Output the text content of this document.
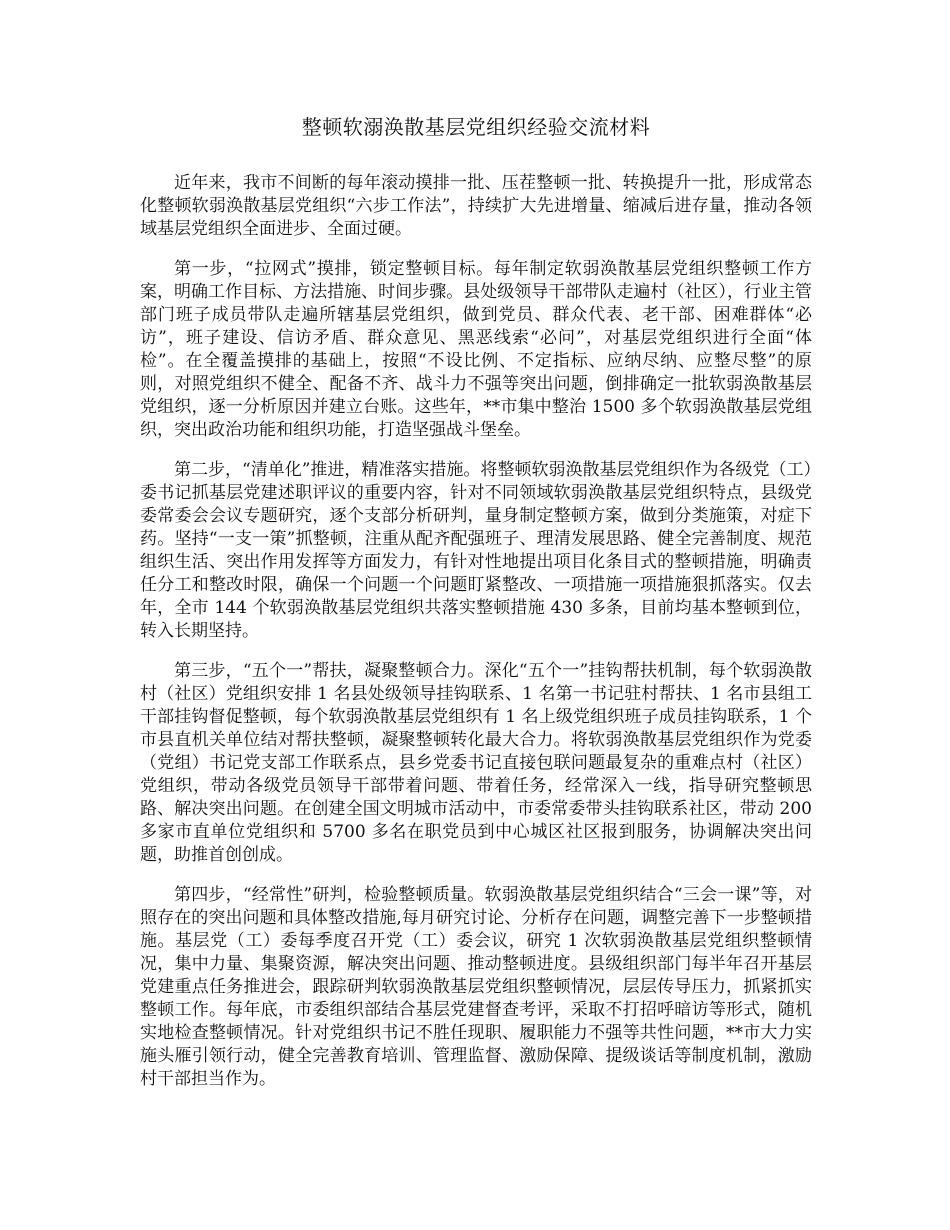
整顿软溺涣散基层党组织经验交流材料

近年来，我市不间断的每年滚动摸排一批、压茬整顿一批、转换提升一批，形成常态化整顿软弱涣散基层党组织“六步工作法”，持续扩大先进增量、缩减后进存量，推动各领域基层党组织全面进步、全面过硬。

第一步，“拉网式”摸排，锁定整顿目标。每年制定软弱涣散基层党组织整顿工作方案，明确工作目标、方法措施、时间步骤。县处级领导干部带队走遍村（社区），行业主管部门班子成员带队走遍所辖基层党组织，做到党员、群众代表、老干部、困难群体“必访”，班子建设、信访矛盾、群众意见、黑恶线索“必问”，对基层党组织进行全面“体检”。在全覆盖摸排的基础上，按照“不设比例、不定指标、应纳尽纳、应整尽整”的原则，对照党组织不健全、配备不齐、战斗力不强等突出问题，倒排确定一批软弱涣散基层党组织，逐一分析原因并建立台账。这些年，**市集中整治 1500 多个软弱涣散基层党组织，突出政治功能和组织功能，打造坚强战斗堡垒。

第二步，“清单化”推进，精准落实措施。将整顿软弱涣散基层党组织作为各级党（工）委书记抓基层党建述职评议的重要内容，针对不同领域软弱涣散基层党组织特点，县级党委常委会会议专题研究，逐个支部分析研判，量身制定整顿方案，做到分类施策，对症下药。坚持“一支一策”抓整顿，注重从配齐配强班子、理清发展思路、健全完善制度、规范组织生活、突出作用发挥等方面发力，有针对性地提出项目化条目式的整顿措施，明确责任分工和整改时限，确保一个问题一个问题盯紧整改、一项措施一项措施狠抓落实。仅去年，全市 144 个软弱涣散基层党组织共落实整顿措施 430 多条，目前均基本整顿到位，转入长期坚持。

第三步，“五个一”帮扶，凝聚整顿合力。深化“五个一”挂钩帮扶机制，每个软弱涣散村（社区）党组织安排 1 名县处级领导挂钩联系、1 名第一书记驻村帮扶、1 名市县组工干部挂钩督促整顿，每个软弱涣散基层党组织有 1 名上级党组织班子成员挂钩联系，1 个市县直机关单位结对帮扶整顿，凝聚整顿转化最大合力。将软弱涣散基层党组织作为党委（党组）书记党支部工作联系点，县乡党委书记直接包联问题最复杂的重难点村（社区）党组织，带动各级党员领导干部带着问题、带着任务，经常深入一线，指导研究整顿思路、解决突出问题。在创建全国文明城市活动中，市委常委带头挂钩联系社区，带动 200 多家市直单位党组织和 5700 多名在职党员到中心城区社区报到服务，协调解决突出问题，助推首创创成。

第四步，“经常性”研判，检验整顿质量。软弱涣散基层党组织结合“三会一课”等，对照存在的突出问题和具体整改措施,每月研究讨论、分析存在问题，调整完善下一步整顿措施。基层党（工）委每季度召开党（工）委会议，研究 1 次软弱涣散基层党组织整顿情况，集中力量、集聚资源，解决突出问题、推动整顿进度。县级组织部门每半年召开基层党建重点任务推进会，跟踪研判软弱涣散基层党组织整顿情况，层层传导压力，抓紧抓实整顿工作。每年底，市委组织部结合基层党建督查考评，采取不打招呼暗访等形式，随机实地检查整顿情况。针对党组织书记不胜任现职、履职能力不强等共性问题，**市大力实施头雁引领行动，健全完善教育培训、管理监督、激励保障、提级谈话等制度机制，激励村干部担当作为。
